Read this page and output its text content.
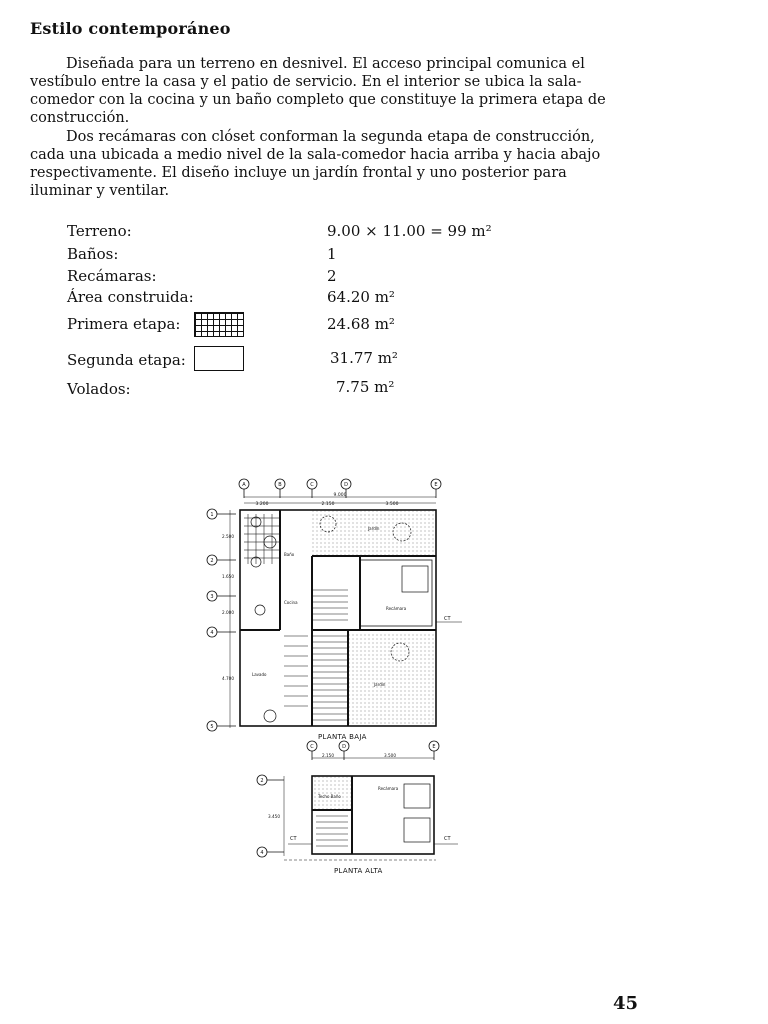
Estilo contemporáneo

Diseñada para un terreno en desnivel. El acceso principal comunica el vestíbulo entre la casa y el patio de servicio. En el interior se ubica la sala-comedor con la cocina y un baño completo que constituye la primera etapa de construcción.

Dos recámaras con clóset conforman la segunda etapa de construcción, cada una ubicada a medio nivel de la sala-comedor hacia arriba y hacia abajo respectivamente. El diseño incluye un jardín frontal y uno posterior para iluminar y ventilar.

Terreno:	9.00 × 11.00 = 99 m²
Baños:	1
Recámaras:	2
Área construida:	64.20 m²
Primera etapa:	24.68 m²
Segunda etapa:	31.77 m²
Volados:	7.75 m²
A	B	C	D	E
9.000
3.200	2.150	3.500
1
2
3
4
5
2.500
1.650
2.000
4.700
Jardín
Recámara
Baño
Cocina
Lavado
Jardín
CT
PLANTA BAJA
2
4
C	D	E
2.150	3.500
3.450
Techo Baño
Recámara
CT	CT
PLANTA ALTA
45
